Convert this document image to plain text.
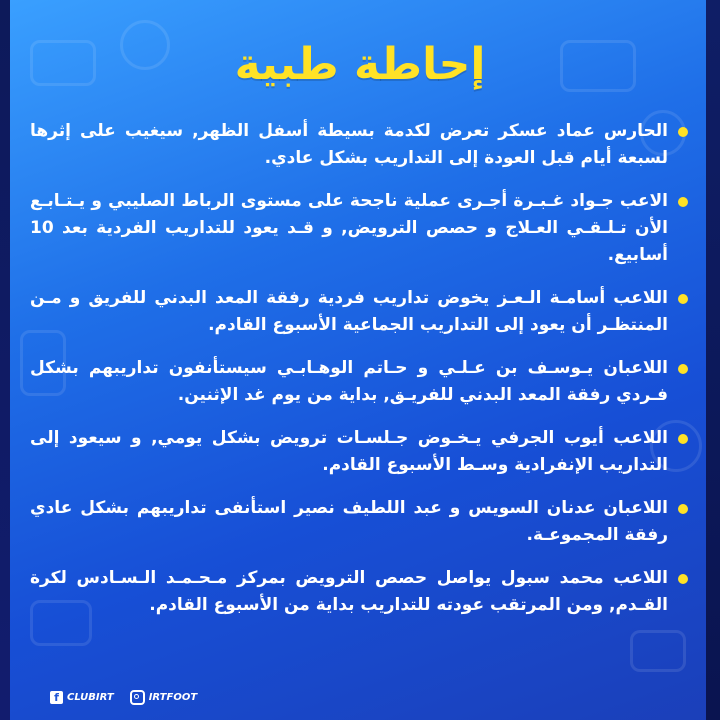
إحاطة طبية
الحارس عماد عسكر تعرض لكدمة بسيطة أسفل الظهر, سيغيب على إثرها لسبعة أيام قبل العودة إلى التداريب بشكل عادي.
الاعب جـواد غـبـرة أجـرى عملية ناجحة على مستوى الرباط الصليبي و يـتـابـع الأن تـلـقـي العـلاج و حصص الترويض, و قـد يعود للتداريب الفردية بعد 10 أسابيع.
اللاعب أسامـة الـعـز يخوض تداريب فردية رفقة المعد البدني للفريق و مـن المنتظـر أن يعود إلى التداريب الجماعية الأسبوع القادم.
اللاعبان يـوسـف بن عـلـي و حـاتم الوهـابـي سيستأنفون تداريبهم بشكل فـردي رفقة المعد البدني للفريـق, بداية من يوم غد الإثنين.
اللاعب أيوب الجرفي يـخـوض جـلسـات ترويض بشكل يومي, و سيعود إلى التداريب الإنفرادية وسـط الأسبوع القادم.
اللاعبان عدنان السويس و عبد اللطيف نصير استأنفى تداريبهم بشكل عادي رفقة المجموعـة.
اللاعب محمد سبول يواصل حصص الترويض بمركز مـحـمـد الـسـادس لكرة القـدم, ومن المرتقب عودته للتداريب بداية من الأسبوع القادم.
f CLUBIRT	IRTFOOT
